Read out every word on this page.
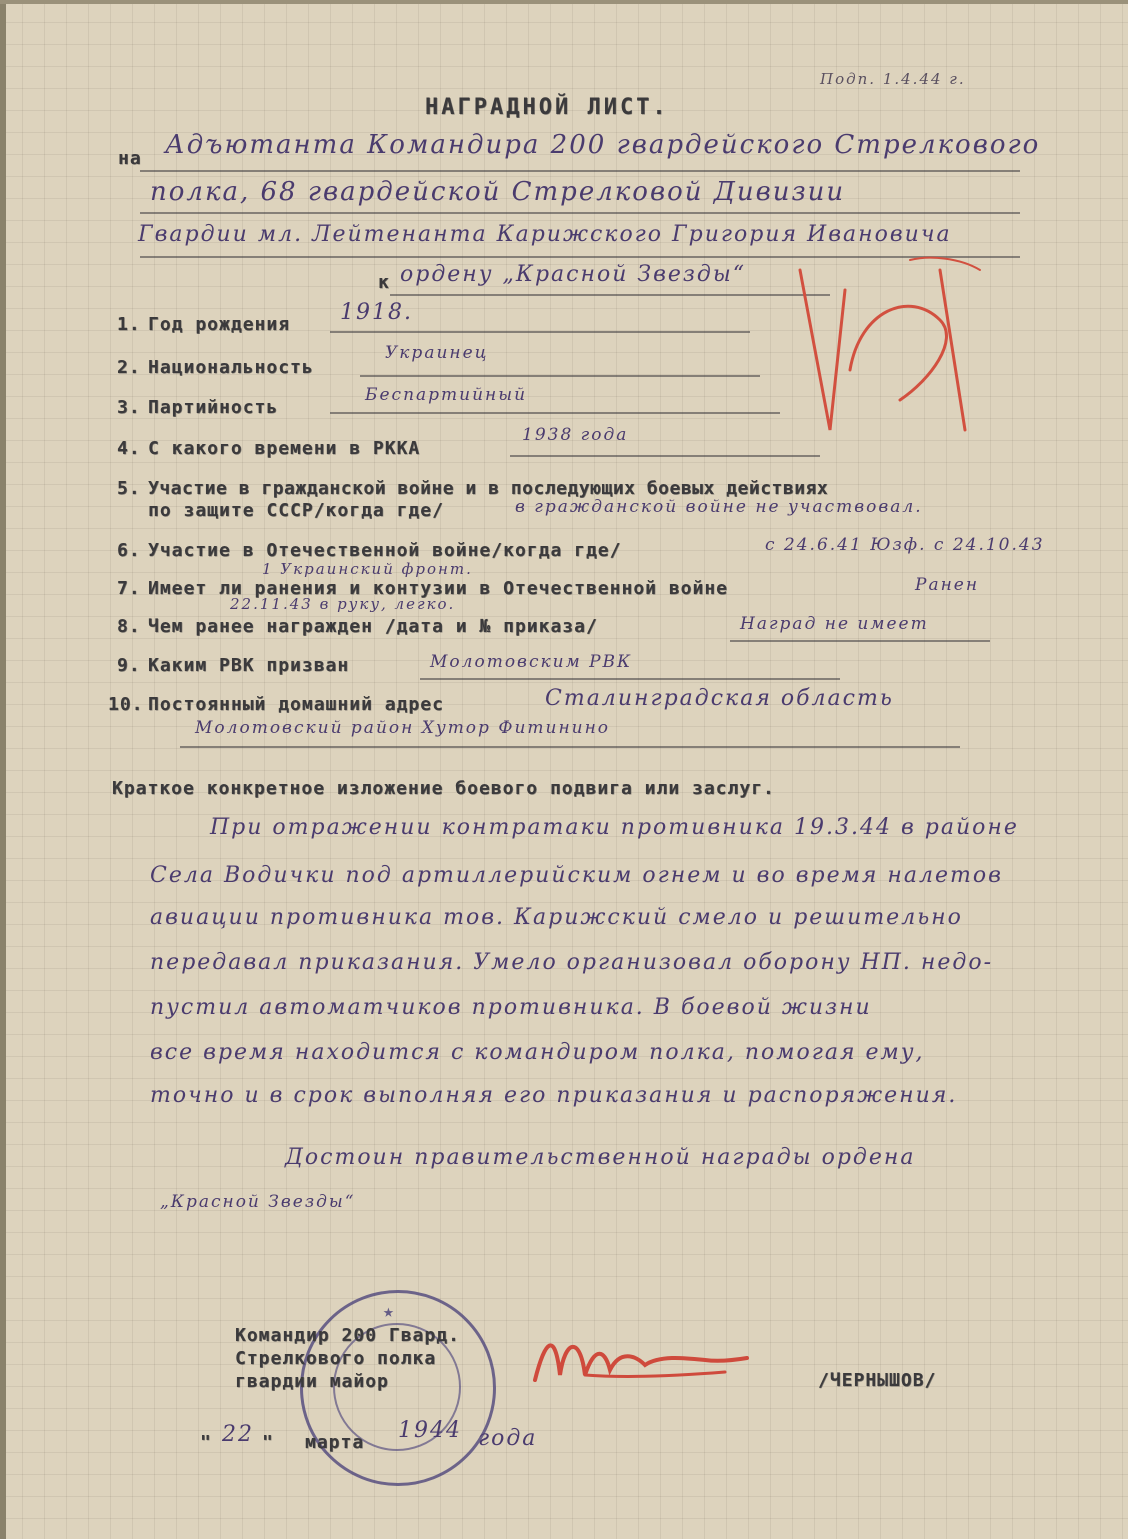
Подп. 1.4.44 г.
НАГРАДНОЙ ЛИСТ.
на Адъютанта Командира 200 гвардейского Стрелкового
полка, 68 гвардейской Стрелковой Дивизии
Гвардии мл. Лейтенанта Карижского Григория Ивановича
к ордену „Красной Звезды“
1. Год рождения 1918.
2. Национальность
Украинец
3. Партийность
Беспартийный
4. С какого времени в РККА
1938 года
5. Участие в гражданской войне и в последующих боевых действиях
по защите СССР/когда где/	в гражданской войне не участвовал.
6. Участие в Отечественной войне/когда где/	с 24.6.41 Юзф. с 24.10.43
1 Украинский фронт.
7. Имеет ли ранения и контузии в Отечественной войне	Ранен
22.11.43 в руку, легко.
8. Чем ранее награжден /дата и № приказа/	Наград не имеет
9. Каким РВК призван	Молотовским РВК
10. Постоянный домашний адрес	Сталинградская область
Молотовский район Хутор Фитинино
Краткое конкретное изложение боевого подвига или заслуг.
При отражении контратаки противника 19.3.44 в районе
Села Водички под артиллерийским огнем и во время налетов
авиации противника тов. Карижский смело и решительно
передавал приказания. Умело организовал оборону НП. недо-
пустил автоматчиков противника. В боевой жизни
все время находится с командиром полка, помогая ему,
точно и в срок выполняя его приказания и распоряжения.
Достоин правительственной награды ордена
„Красной Звезды“
★
Командир 200 Гвард.
Стрелкового полка
гвардии майор	/ЧЕРНЫШОВ/
" 22 " марта 1944 года
